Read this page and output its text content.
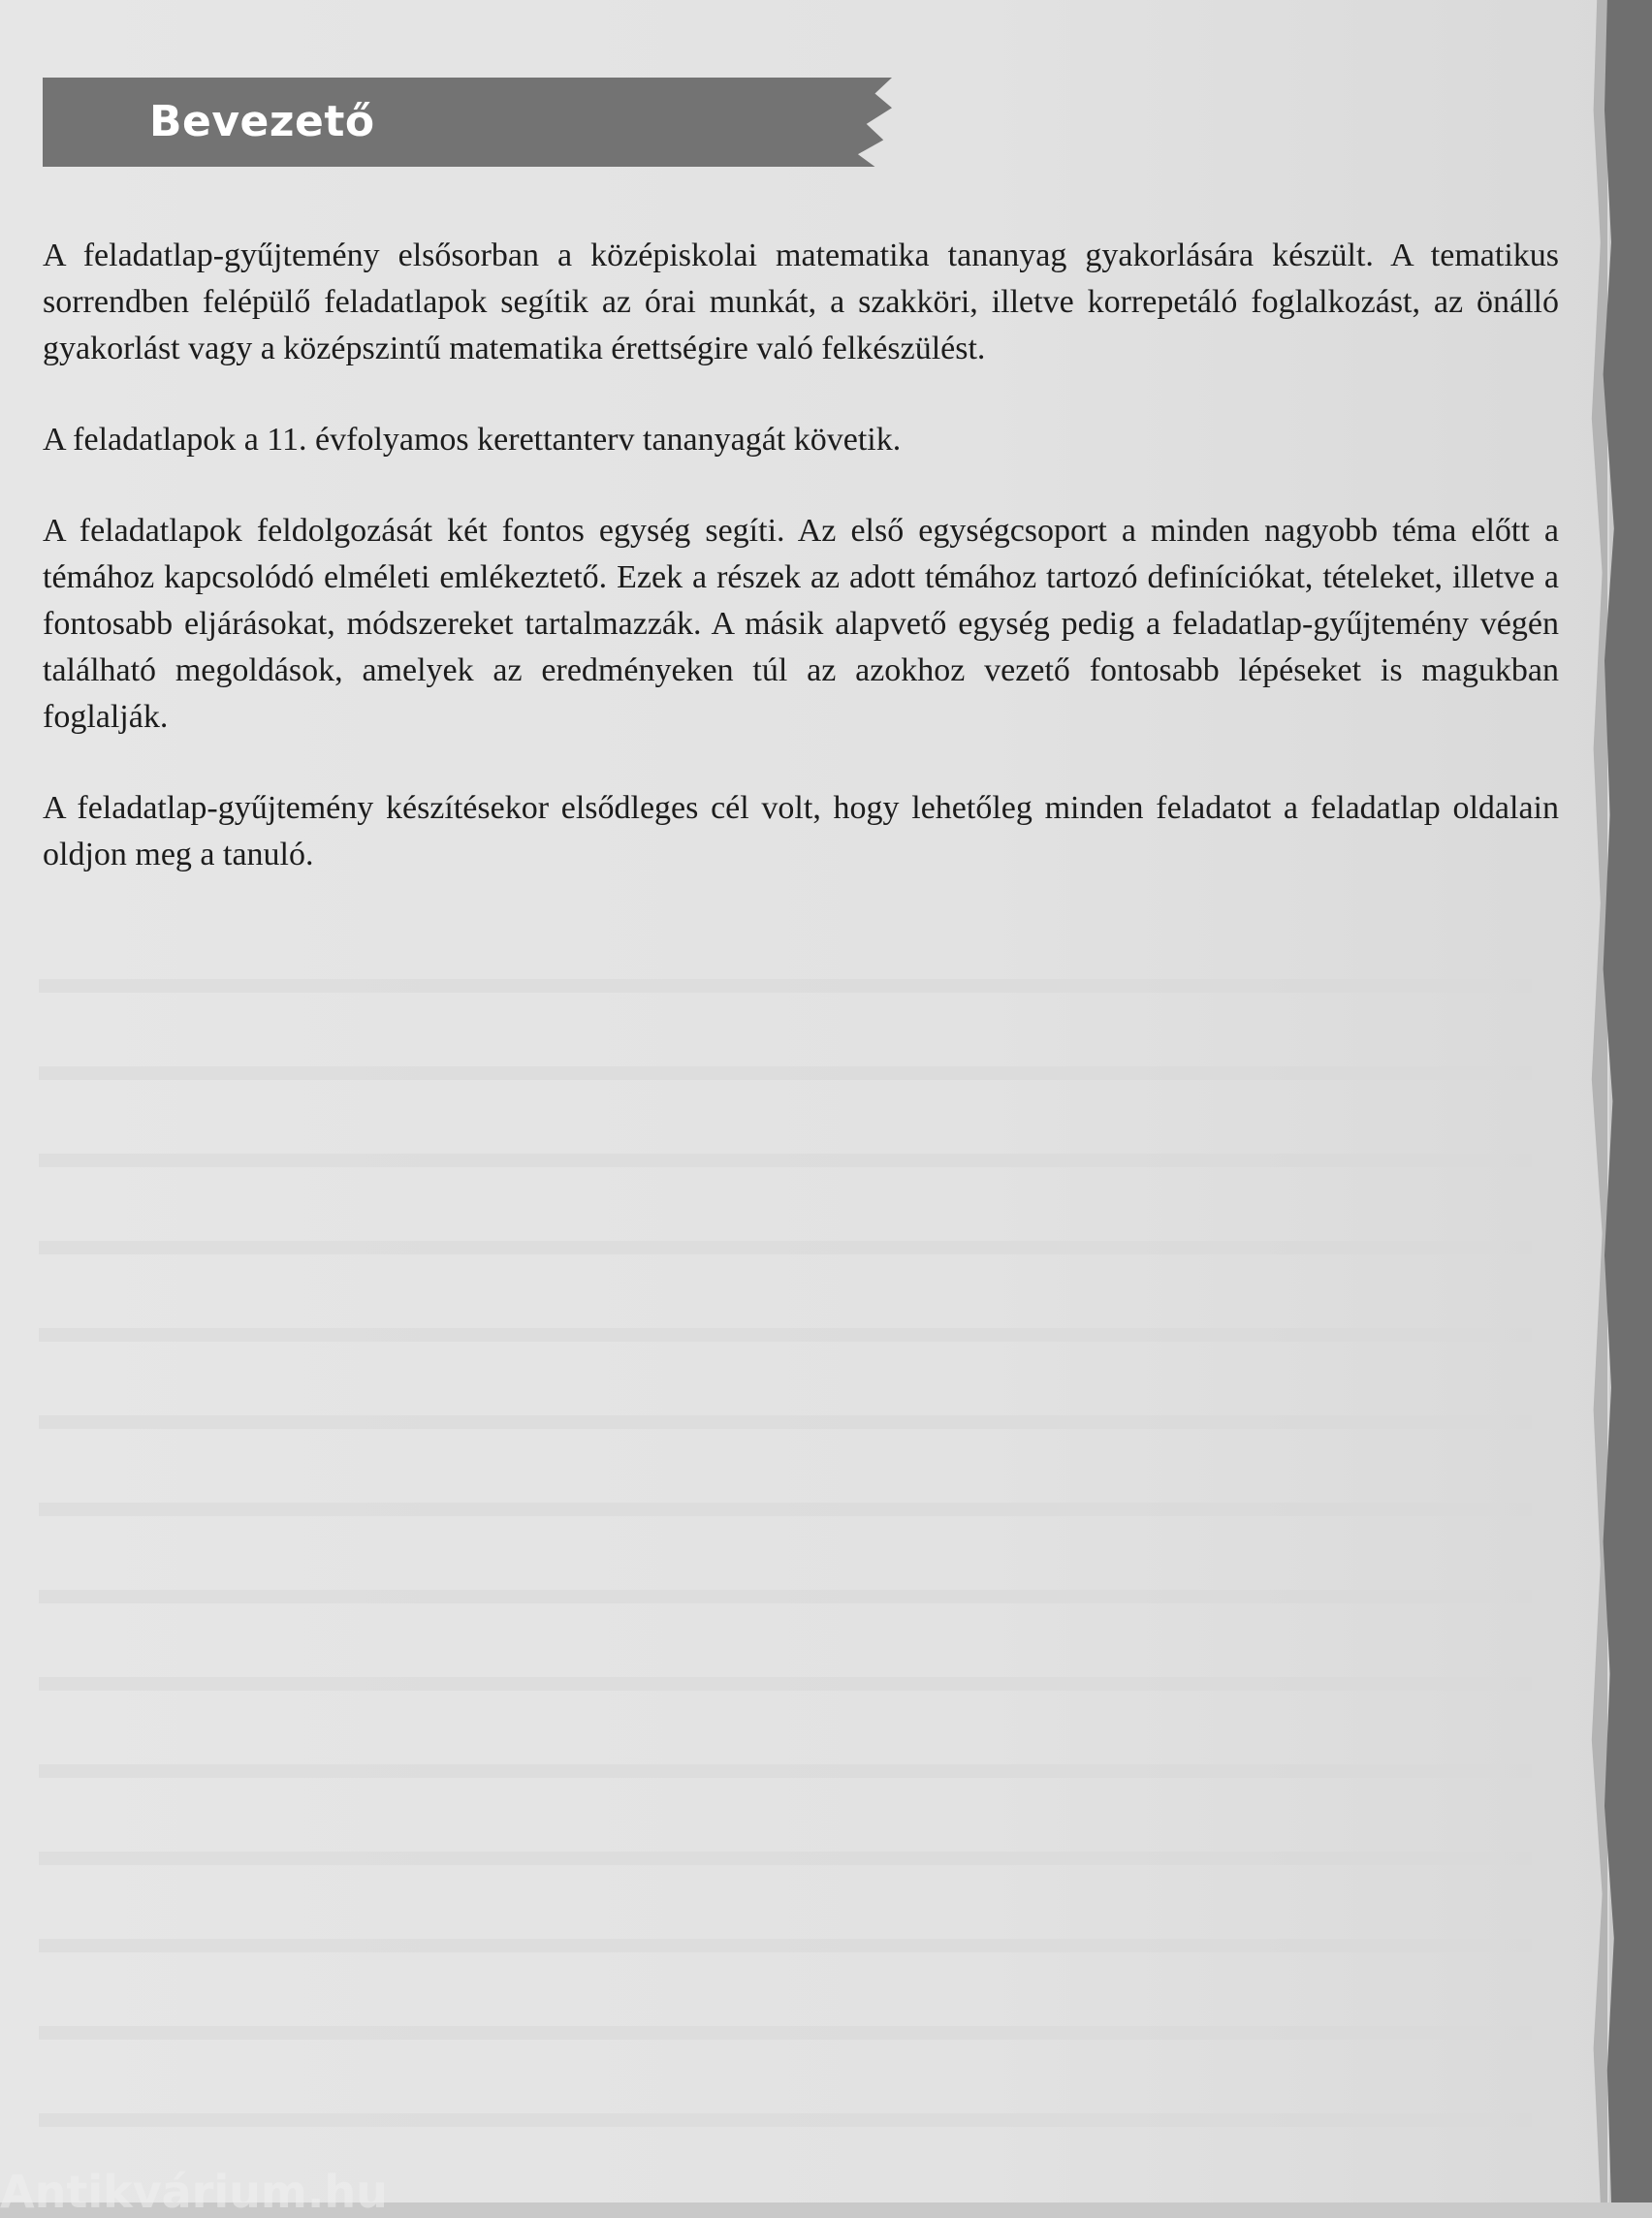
Bevezető

A feladatlap-gyűjtemény elsősorban a középiskolai matematika tananyag gyakorlására készült. A tematikus sorrendben felépülő feladatlapok segítik az órai munkát, a szakköri, illetve korrepetáló foglalkozást, az önálló gyakorlást vagy a középszintű matematika érettségire való felkészülést.

A feladatlapok a 11. évfolyamos kerettanterv tananyagát követik.

A feladatlapok feldolgozását két fontos egység segíti. Az első egységcsoport a minden nagyobb téma előtt a témához kapcsolódó elméleti emlékeztető. Ezek a részek az adott témához tartozó definíciókat, tételeket, illetve a fontosabb eljárásokat, módszereket tartalmazzák. A másik alapvető egység pedig a feladatlap-gyűjtemény végén található megoldások, amelyek az eredményeken túl az azokhoz vezető fontosabb lépéseket is magukban foglalják.

A feladatlap-gyűjtemény készítésekor elsődleges cél volt, hogy lehetőleg minden feladatot a feladatlap oldalain oldjon meg a tanuló.

Antikvárium.hu
